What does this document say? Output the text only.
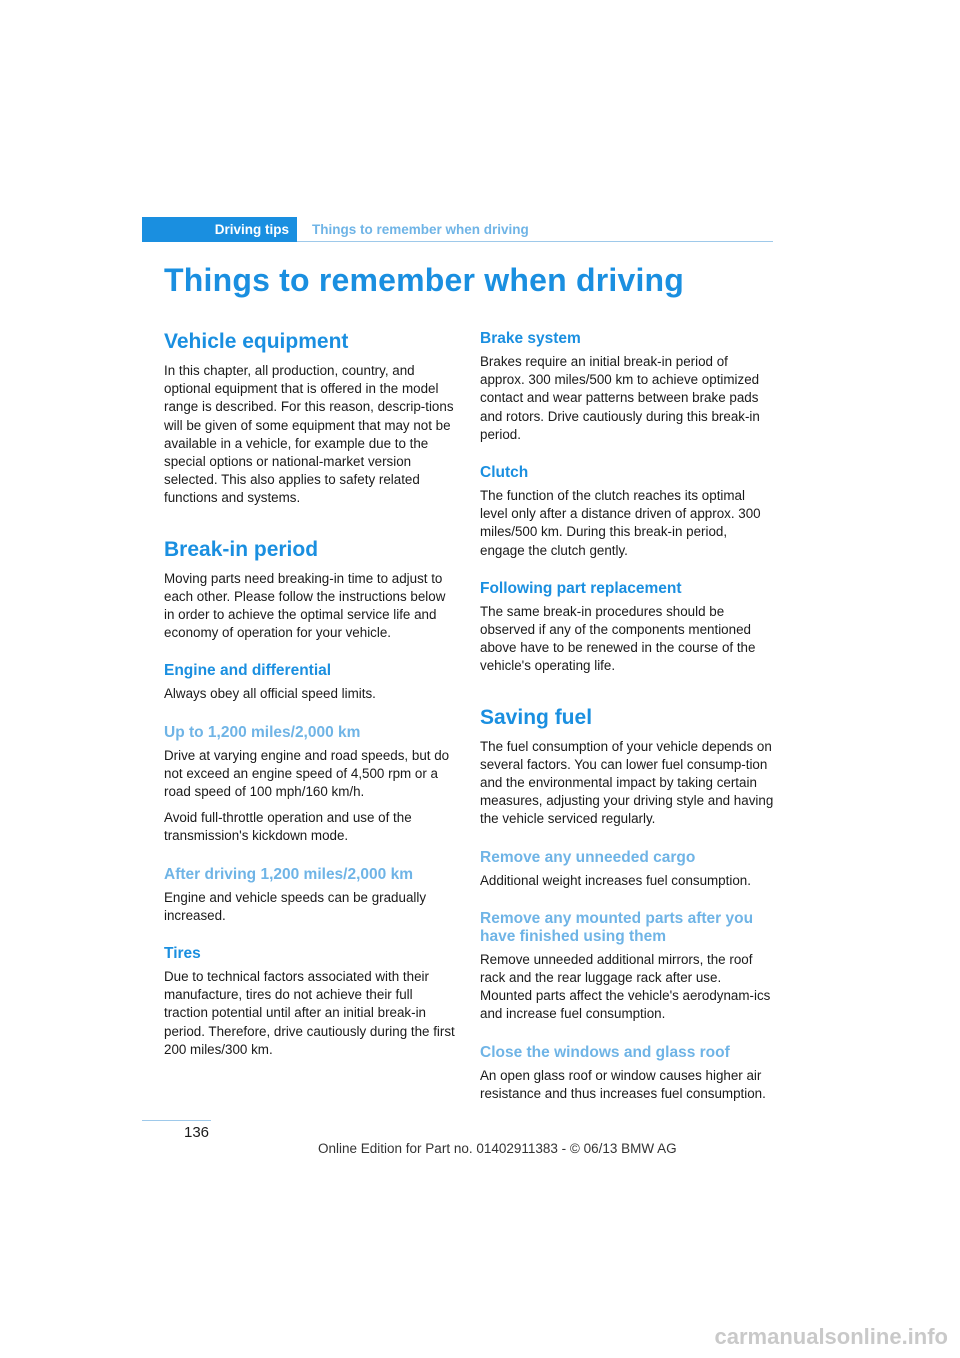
Driving tips Things to remember when driving
Things to remember when driving
Vehicle equipment

In this chapter, all production, country, and optional equipment that is offered in the model range is described. For this reason, descrip-tions will be given of some equipment that may not be available in a vehicle, for example due to the special options or national-market version selected. This also applies to safety related functions and systems.

Break-in period

Moving parts need breaking-in time to adjust to each other. Please follow the instructions below in order to achieve the optimal service life and economy of operation for your vehicle.

Engine and differential

Always obey all official speed limits.

Up to 1,200 miles/2,000 km

Drive at varying engine and road speeds, but do not exceed an engine speed of 4,500 rpm or a road speed of 100 mph/160 km/h.

Avoid full-throttle operation and use of the transmission's kickdown mode.

After driving 1,200 miles/2,000 km

Engine and vehicle speeds can be gradually increased.

Tires

Due to technical factors associated with their manufacture, tires do not achieve their full traction potential until after an initial break-in period. Therefore, drive cautiously during the first 200 miles/300 km.

Brake system

Brakes require an initial break-in period of approx. 300 miles/500 km to achieve optimized contact and wear patterns between brake pads and rotors. Drive cautiously during this break-in period.

Clutch

The function of the clutch reaches its optimal level only after a distance driven of approx. 300 miles/500 km. During this break-in period, engage the clutch gently.

Following part replacement

The same break-in procedures should be observed if any of the components mentioned above have to be renewed in the course of the vehicle's operating life.

Saving fuel

The fuel consumption of your vehicle depends on several factors. You can lower fuel consump-tion and the environmental impact by taking certain measures, adjusting your driving style and having the vehicle serviced regularly.

Remove any unneeded cargo

Additional weight increases fuel consumption.

Remove any mounted parts after you have finished using them

Remove unneeded additional mirrors, the roof rack and the rear luggage rack after use. Mounted parts affect the vehicle's aerodynam-ics and increase fuel consumption.

Close the windows and glass roof

An open glass roof or window causes higher air resistance and thus increases fuel consumption.

136
Online Edition for Part no. 01402911383 - © 06/13 BMW AG
carmanualsonline.info
